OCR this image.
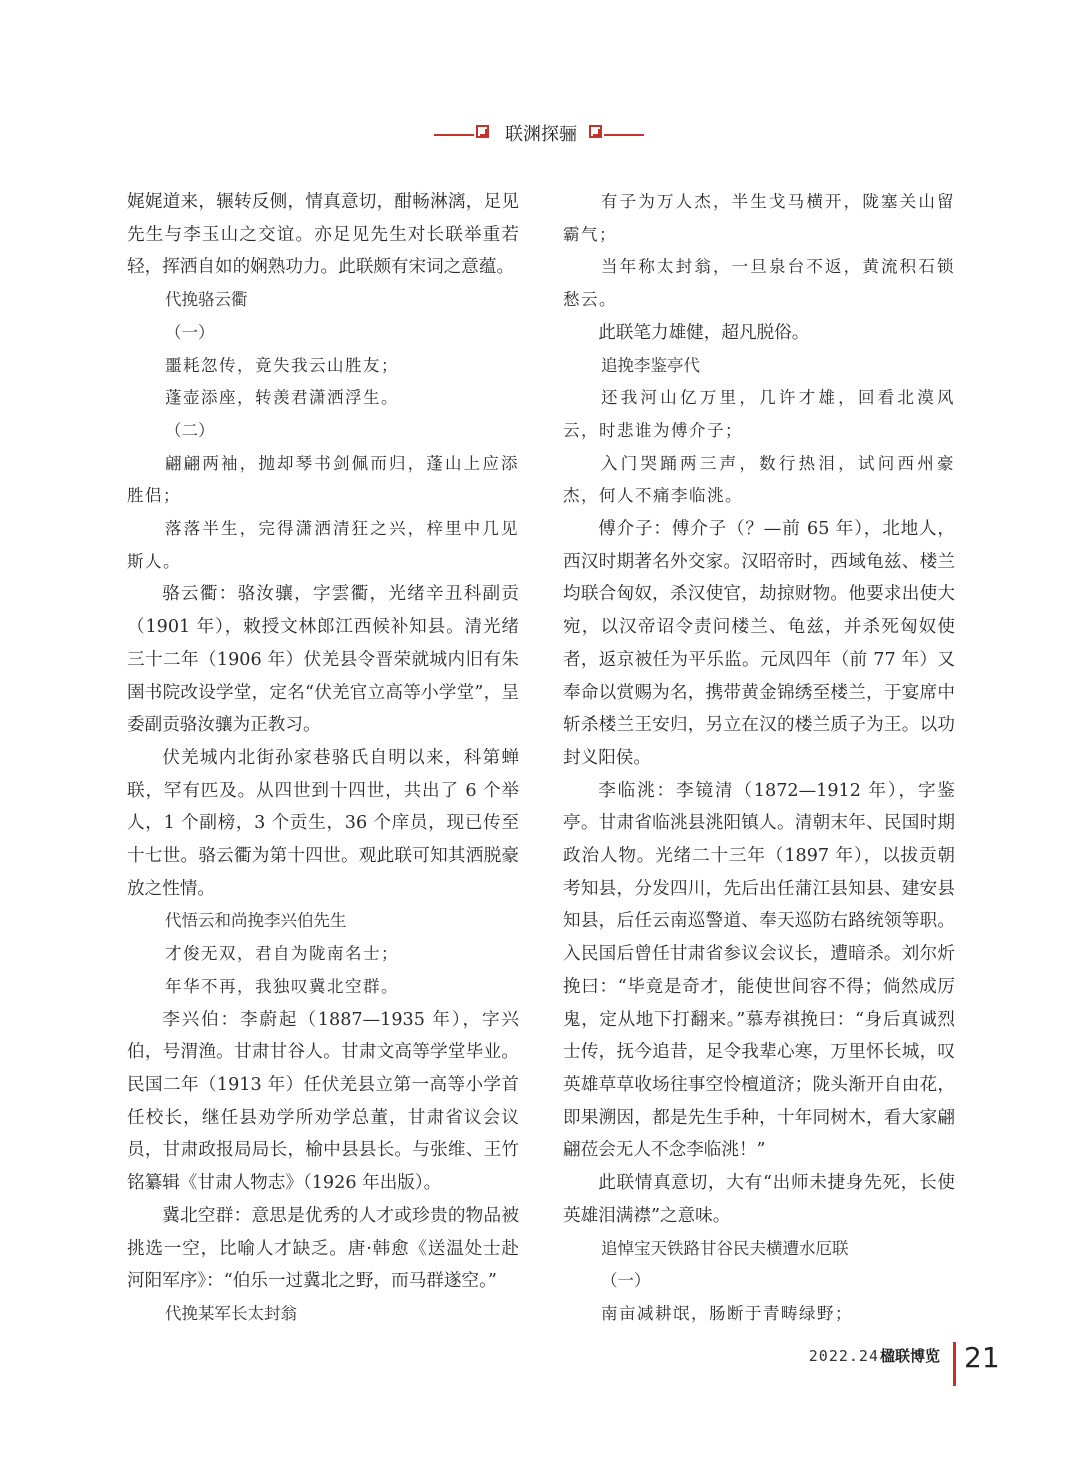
联渊探骊

娓娓道来，辗转反侧，情真意切，酣畅淋漓，足见先生与李玉山之交谊。亦足见先生对长联举重若轻，挥洒自如的娴熟功力。此联颇有宋词之意蕴。

代挽骆云衢

（一）

噩耗忽传，竟失我云山胜友；

蓬壶添座，转羡君潇洒浮生。

（二）

翩翩两袖，抛却琴书剑佩而归，蓬山上应添胜侣；

落落半生，完得潇洒清狂之兴，梓里中几见斯人。

骆云衢：骆汝骧，字雲衢，光绪辛丑科副贡（1901 年），敕授文林郎江西候补知县。清光绪三十二年（1906 年）伏羌县令晋荣就城内旧有朱圉书院改设学堂，定名“伏羌官立高等小学堂”，呈委副贡骆汝骧为正教习。

伏羌城内北街孙家巷骆氏自明以来，科第蝉联，罕有匹及。从四世到十四世，共出了 6 个举人，1 个副榜，3 个贡生，36 个庠员，现已传至十七世。骆云衢为第十四世。观此联可知其洒脱豪放之性情。

代悟云和尚挽李兴伯先生

才俊无双，君自为陇南名士；

年华不再，我独叹冀北空群。

李兴伯：李蔚起（1887—1935 年），字兴伯，号渭渔。甘肃甘谷人。甘肃文高等学堂毕业。民国二年（1913 年）任伏羌县立第一高等小学首任校长，继任县劝学所劝学总董，甘肃省议会议员，甘肃政报局局长，榆中县县长。与张维、王竹铭纂辑《甘肃人物志》（1926 年出版）。

冀北空群：意思是优秀的人才或珍贵的物品被挑选一空，比喻人才缺乏。唐·韩愈《送温处士赴河阳军序》：“伯乐一过冀北之野，而马群遂空。”

代挽某军长太封翁

有子为万人杰，半生戈马横开，陇塞关山留霸气；

当年称太封翁，一旦泉台不返，黄流积石锁愁云。

此联笔力雄健，超凡脱俗。

追挽李鉴亭代

还我河山亿万里，几许才雄，回看北漠风云，时悲谁为傅介子；

入门哭踊两三声，数行热泪，试问西州豪杰，何人不痛李临洮。

傅介子：傅介子（？—前 65 年），北地人，西汉时期著名外交家。汉昭帝时，西域龟兹、楼兰均联合匈奴，杀汉使官，劫掠财物。他要求出使大宛，以汉帝诏令责问楼兰、龟兹，并杀死匈奴使者，返京被任为平乐监。元凤四年（前 77 年）又奉命以赏赐为名，携带黄金锦绣至楼兰，于宴席中斩杀楼兰王安归，另立在汉的楼兰质子为王。以功封义阳侯。

李临洮：李镜清（1872—1912 年），字鉴亭。甘肃省临洮县洮阳镇人。清朝末年、民国时期政治人物。光绪二十三年（1897 年），以拔贡朝考知县，分发四川，先后出任蒲江县知县、建安县知县，后任云南巡警道、奉天巡防右路统领等职。入民国后曾任甘肃省参议会议长，遭暗杀。刘尔炘挽曰：“毕竟是奇才，能使世间容不得；倘然成厉鬼，定从地下打翻来。”慕寿祺挽曰：“身后真诚烈士传，抚今追昔，足令我辈心寒，万里怀长城，叹英雄草草收场往事空怜檀道济；陇头渐开自由花，即果溯因，都是先生手种，十年同树木，看大家翩翩莅会无人不念李临洮！”

此联情真意切，大有“出师未捷身先死，长使英雄泪满襟”之意味。

追悼宝天铁路甘谷民夫横遭水厄联

（一）

南亩减耕氓，肠断于青畴绿野；

2022.24 楹联博览 21
